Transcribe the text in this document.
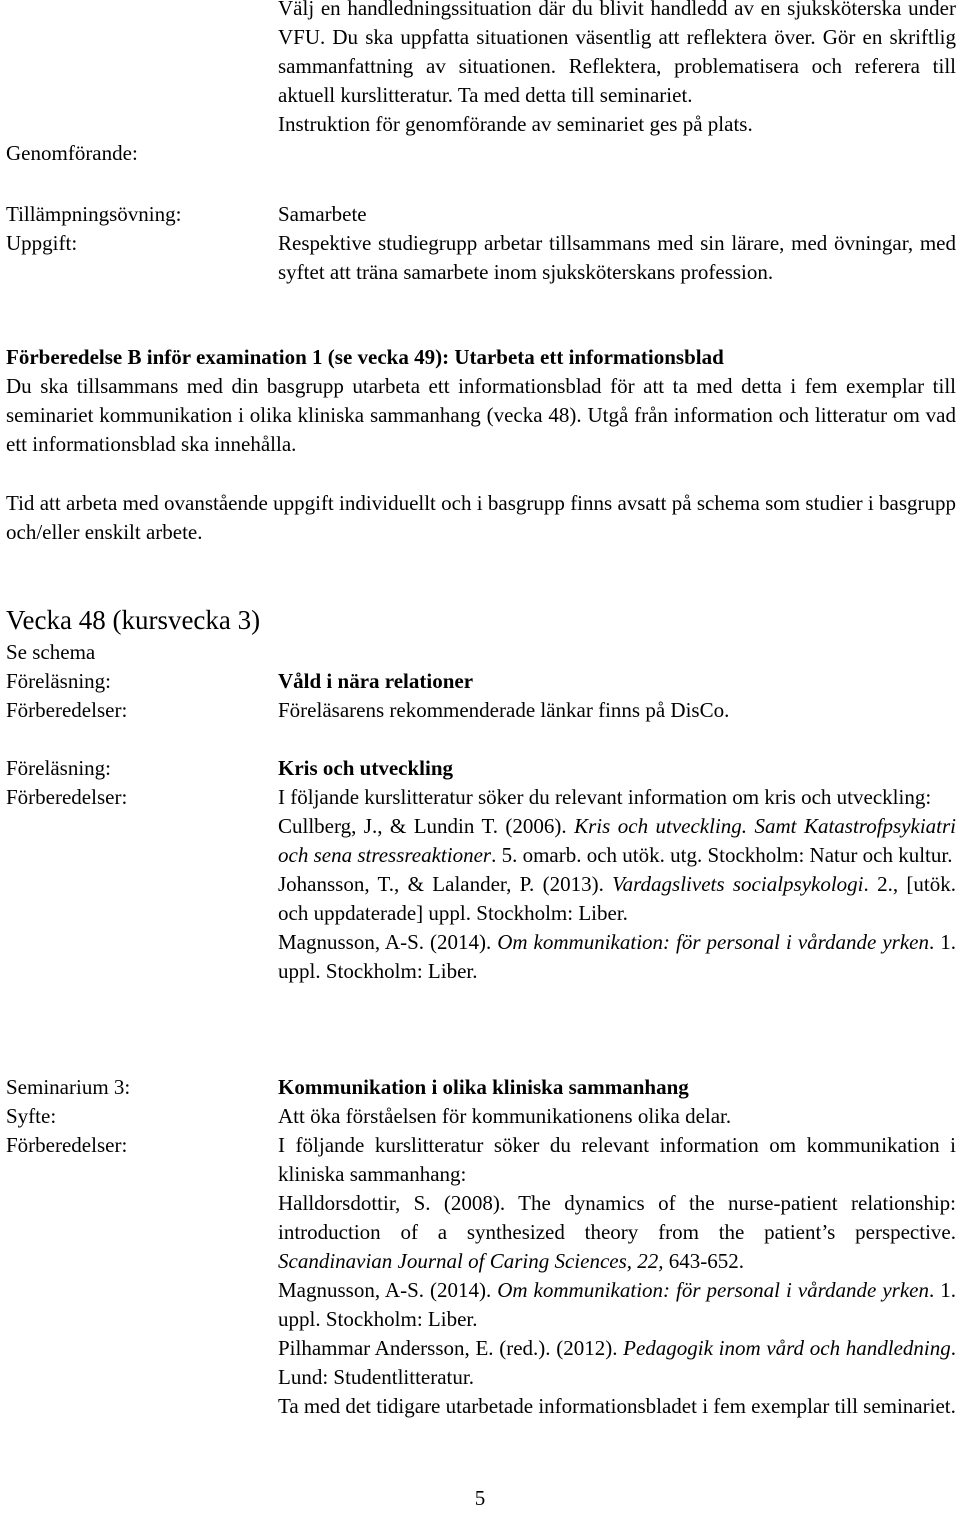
Genomförande:
Välj en handledningssituation där du blivit handledd av en sjuksköterska under VFU. Du ska uppfatta situationen väsentlig att reflektera över. Gör en skriftlig sammanfattning av situationen. Reflektera, problematisera och referera till aktuell kurslitteratur. Ta med detta till seminariet.
Instruktion för genomförande av seminariet ges på plats.
Tillämpningsövning:
Uppgift:
Samarbete
Respektive studiegrupp arbetar tillsammans med sin lärare, med övningar, med syftet att träna samarbete inom sjuksköterskans profession.
Förberedelse B inför examination 1 (se vecka 49): Utarbeta ett informationsblad
Du ska tillsammans med din basgrupp utarbeta ett informationsblad för att ta med detta i fem exemplar till seminariet kommunikation i olika kliniska sammanhang (vecka 48). Utgå från information och litteratur om vad ett informationsblad ska innehålla.
Tid att arbeta med ovanstående uppgift individuellt och i basgrupp finns avsatt på schema som studier i basgrupp och/eller enskilt arbete.
Vecka 48 (kursvecka 3)
Se schema
Föreläsning:
Förberedelser:
Våld i nära relationer
Föreläsarens rekommenderade länkar finns på DisCo.
Föreläsning:
Förberedelser:
Kris och utveckling
I följande kurslitteratur söker du relevant information om kris och utveckling:
Cullberg, J., & Lundin T. (2006). Kris och utveckling. Samt Katastrofpsykiatri och sena stressreaktioner. 5. omarb. och utök. utg. Stockholm: Natur och kultur.
Johansson, T., & Lalander, P. (2013). Vardagslivets socialpsykologi. 2., [utök. och uppdaterade] uppl. Stockholm: Liber.
Magnusson, A-S. (2014). Om kommunikation: för personal i vårdande yrken. 1. uppl. Stockholm: Liber.
Seminarium 3:
Syfte:
Förberedelser:
Kommunikation i olika kliniska sammanhang
Att öka förståelsen för kommunikationens olika delar.
I följande kurslitteratur söker du relevant information om kommunikation i kliniska sammanhang:
Halldorsdottir, S. (2008). The dynamics of the nurse-patient relationship: introduction of a synthesized theory from the patient’s perspective. Scandinavian Journal of Caring Sciences, 22, 643-652.
Magnusson, A-S. (2014). Om kommunikation: för personal i vårdande yrken. 1. uppl. Stockholm: Liber.
Pilhammar Andersson, E. (red.). (2012). Pedagogik inom vård och handledning. Lund: Studentlitteratur.
Ta med det tidigare utarbetade informationsbladet i fem exemplar till seminariet.
5
